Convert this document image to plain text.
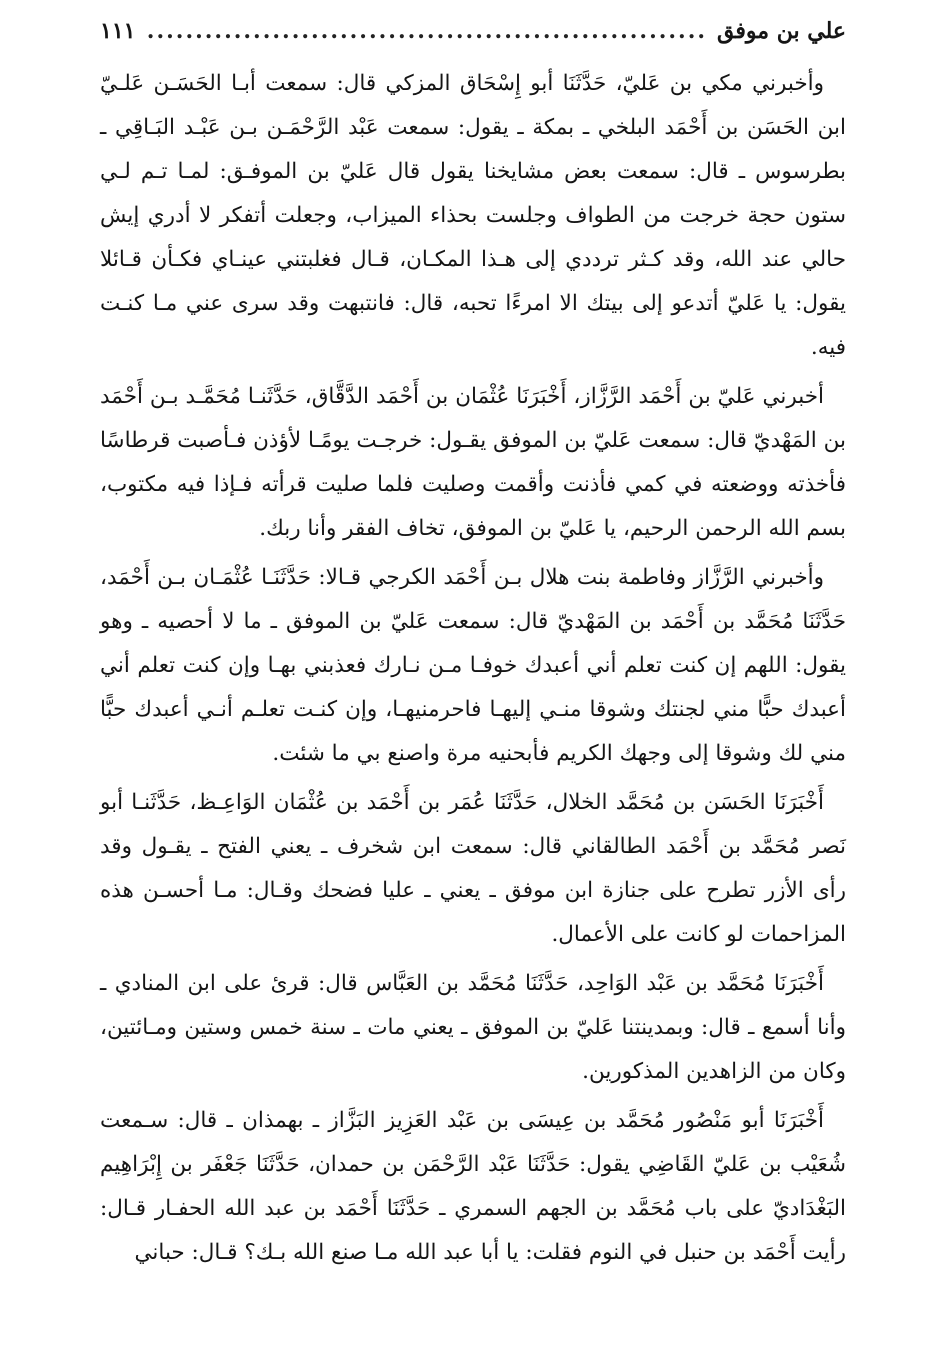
علي بن موفق
.....
١١١

وأخبرني مكي بن عَليّ، حَدَّثَنَا أبو إِسْحَاق المزكي قال: سمعت أبـا الحَسَـن عَلـيّ ابن الحَسَن بن أَحْمَد البلخي ـ بمكة ـ يقول: سمعت عَبْد الرَّحْمَـن بـن عَبْـد البَـاقِي ـ بطرسوس ـ قال: سمعت بعض مشايخنا يقول قال عَليّ بن الموفـق: لمـا تـم لـي ستون حجة خرجت من الطواف وجلست بحذاء الميزاب، وجعلت أتفكر لا أدري إيش حالي عند الله، وقد كـثر ترددي إلى هـذا المكـان، قـال فغلبتني عينـاي فكـأن قـائلا يقول: يا عَليّ أتدعو إلى بيتك الا امرءًا تحبه، قال: فانتبهت وقد سرى عني مـا كنـت فيه.

أخبرني عَليّ بن أَحْمَد الرَّزَّاز، أَخْبَرَنَا عُثْمَان بن أَحْمَد الدَّقَّاق، حَدَّثَنـا مُحَمَّـد بـن أَحْمَد بن المَهْديّ قال: سمعت عَليّ بن الموفق يقـول: خرجـت يومًـا لأؤذن فـأصبت قرطاسًا فأخذته ووضعته في كمي فأذنت وأقمت وصليت فلما صليت قرأته فـإذا فيه مكتوب، بسم الله الرحمن الرحيم، يا عَليّ بن الموفق، تخاف الفقر وأنا ربك.

وأخبرني الرَّزَّاز وفاطمة بنت هلال بـن أَحْمَد الكرجي قـالا: حَدَّثَنَـا عُثْمَـان بـن أَحْمَد، حَدَّثَنَا مُحَمَّد بن أَحْمَد بن المَهْديّ قال: سمعت عَليّ بن الموفق ـ ما لا أحصيه ـ وهو يقول: اللهم إن كنت تعلم أني أعبدك خوفـا مـن نـارك فعذبني بهـا وإن كنت تعلم أني أعبدك حبًّا مني لجنتك وشوقا منـي إليهـا فاحرمنيهـا، وإن كنـت تعلـم أنـي أعبدك حبًّا مني لك وشوقا إلى وجهك الكريم فأبحنيه مرة واصنع بي ما شئت.

أَخْبَرَنَا الحَسَن بن مُحَمَّد الخلال، حَدَّثَنَا عُمَر بن أَحْمَد بن عُثْمَان الوَاعِـظ، حَدَّثَنـا أبو نَصر مُحَمَّد بن أَحْمَد الطالقاني قال: سمعت ابن شخرف ـ يعني الفتح ـ يقـول وقد رأى الأزر تطرح على جنازة ابن موفق ـ يعني ـ عليا فضحك وقـال: مـا أحسـن هذه المزاحمات لو كانت على الأعمال.

أَخْبَرَنَا مُحَمَّد بن عَبْد الوَاحِد، حَدَّثَنَا مُحَمَّد بن العَبَّاس قال: قرئ على ابن المنادي ـ وأنا أسمع ـ قال: وبمدينتنا عَليّ بن الموفق ـ يعني مات ـ سنة خمس وستين ومـائتين، وكان من الزاهدين المذكورين.

أَخْبَرَنَا أبو مَنْصُور مُحَمَّد بن عِيسَى بن عَبْد العَزِيز البَزَّاز ـ بهمذان ـ قال: سـمعت شُعَيْب بن عَليّ القَاضِي يقول: حَدَّثَنَا عَبْد الرَّحْمَن بن حمدان، حَدَّثَنَا جَعْفَر بن إِبْرَاهِيم البَغْدَاديّ على باب مُحَمَّد بن الجهم السمري ـ حَدَّثَنَا أَحْمَد بن عبد الله الحفـار قـال: رأيت أَحْمَد بن حنبل في النوم فقلت: يا أبا عبد الله مـا صنع الله بـك؟ قـال: حباني
